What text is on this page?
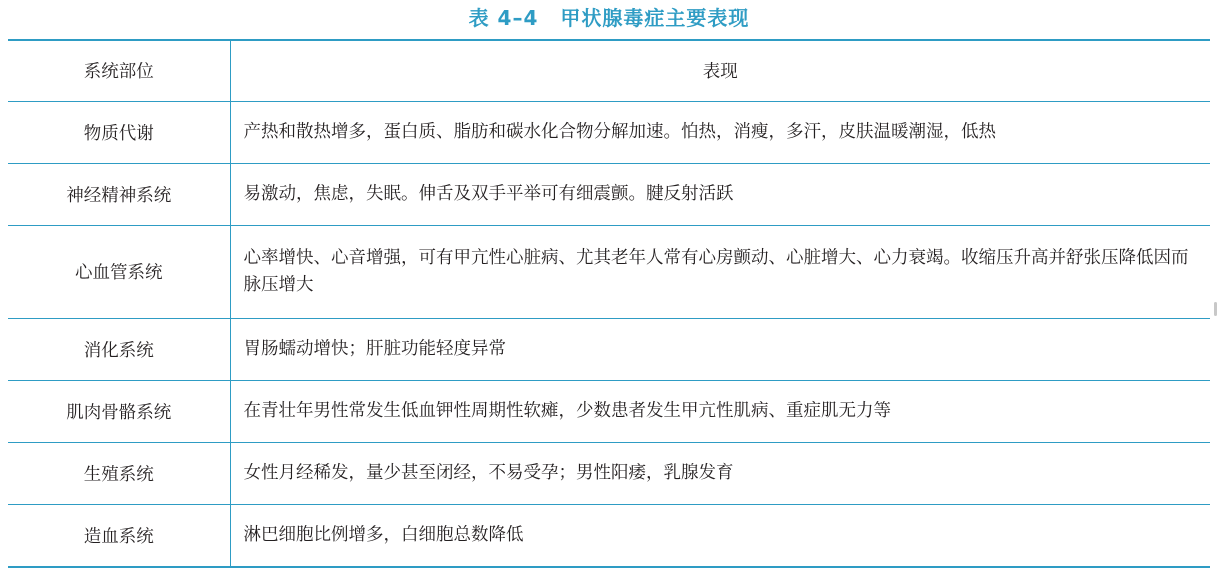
表 4–4 甲状腺毒症主要表现
系统部位	表现
物质代谢	产热和散热增多，蛋白质、脂肪和碳水化合物分解加速。怕热，消瘦，多汗，皮肤温暖潮湿，低热
神经精神系统	易激动，焦虑，失眠。伸舌及双手平举可有细震颤。腱反射活跃
心血管系统	心率增快、心音增强，可有甲亢性心脏病、尤其老年人常有心房颤动、心脏增大、心力衰竭。收缩压升高并舒张压降低因而脉压增大
消化系统	胃肠蠕动增快；肝脏功能轻度异常
肌肉骨骼系统	在青壮年男性常发生低血钾性周期性软瘫，少数患者发生甲亢性肌病、重症肌无力等
生殖系统	女性月经稀发，量少甚至闭经，不易受孕；男性阳痿，乳腺发育
造血系统	淋巴细胞比例增多，白细胞总数降低
